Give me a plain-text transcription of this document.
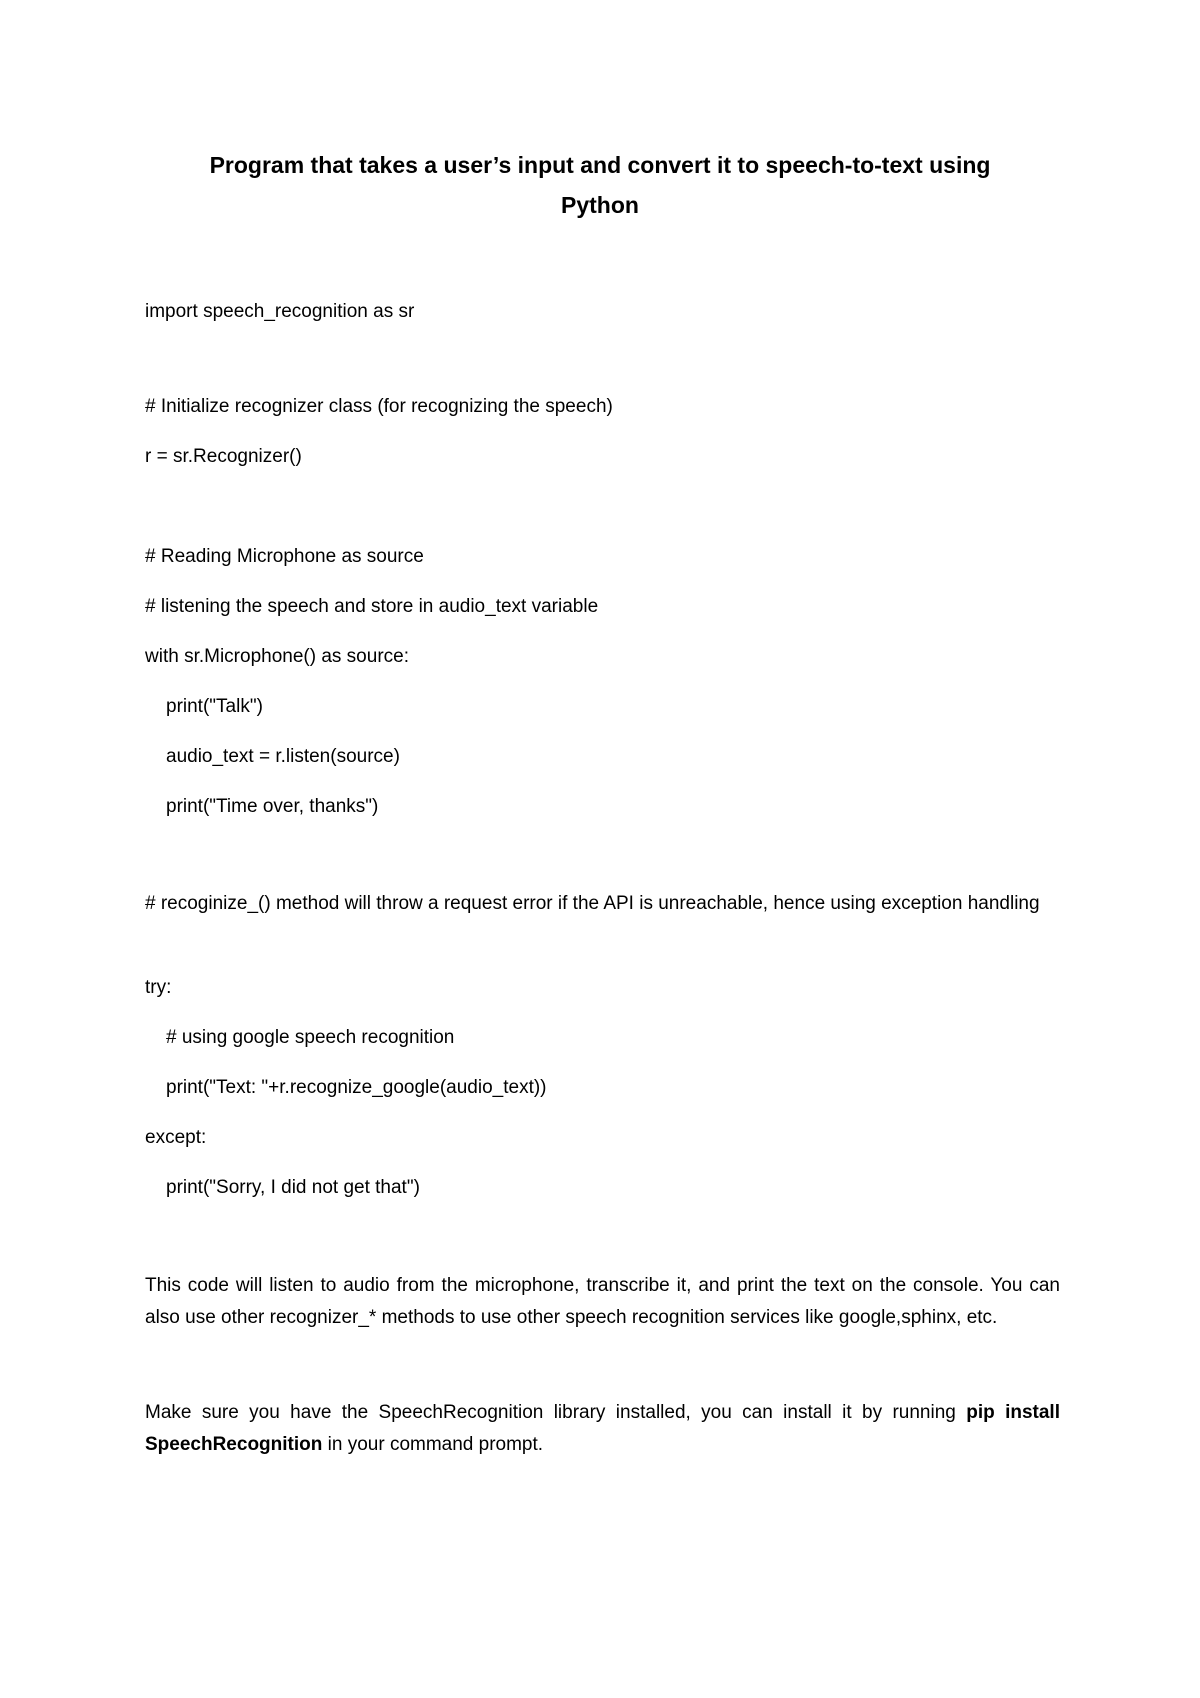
Program that takes a user’s input and convert it to speech-to-text using
Python
import speech_recognition as sr
# Initialize recognizer class (for recognizing the speech)
r = sr.Recognizer()
# Reading Microphone as source
# listening the speech and store in audio_text variable
with sr.Microphone() as source:
print("Talk")
audio_text = r.listen(source)
print("Time over, thanks")
# recoginize_() method will throw a request error if the API is unreachable, hence using exception handling
try:
# using google speech recognition
print("Text: "+r.recognize_google(audio_text))
except:
print("Sorry, I did not get that")
This code will listen to audio from the microphone, transcribe it, and print the text on the console. You can also use other recognizer_* methods to use other speech recognition services like google,sphinx, etc.
Make sure you have the SpeechRecognition library installed, you can install it by running pip install SpeechRecognition in your command prompt.
